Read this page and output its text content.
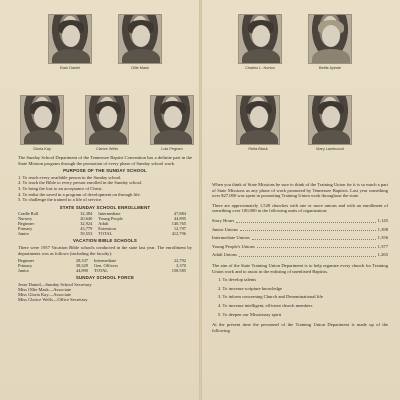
Ewin Daniel	Ollie Mask	Charles L. Norton	Bettie Ayeste
Gloria Kay	Clarice Wells	Lois Pegram	Reita Black	Mary Lambuood

The Sunday School Department of the Tennessee Baptist Convention has a definite part in the State Mission program through the promotion of every phase of Sunday school work.

PURPOSE OF THE SUNDAY SCHOOL
1. To reach every available person in the Sunday school.
2. To teach the Bible to every person enrolled in the Sunday school.
3. To bring the lost to an acceptance of Christ.
4. To enlist the saved in a program of development on through life.
5. To challenge the trained to a life of service.
STATE SUNDAY SCHOOL ENROLLMENT
Cradle Roll	32,384	Intermediate	47,884
Nursery	20,640	Young People	44,895
Beginner	32,924	Adult	140,765
Primary	43,779	Extension	12,797
Junior	39,553	TOTAL	412,796
VACATION BIBLE SCHOOLS

There were 1957 Vacation Bible schools conducted in the state last year. The enrollment by departments was as follows (including the faculty):

Beginner	28,337	Intermediate	22,792
Primary	38,329	Gen. Officers	3,370
Junior	44,890	TOTAL	158,585
SUNDAY SCHOOL FORCE
Jesse Daniel—Sunday School Secretary
Miss Ollie Mask—Associate
Miss Gloria Kay—Associate
Miss Clarice Wells—Office Secretary

When you think of State Missions be sure to think of the Training Union for it is so much a part of State Missions as any phase of work promoted by Tennessee Baptists. Last year something over $27,000 was spent in promoting Training Union work throughout the state.

There are approximately 1,528 churches with one or more unions and with an enrollment of something over 100,000 in the following units of organization:

Story Hours	1,145
Junior Unions	1,398
Intermediate Unions	1,356
Young People's Unions	1,377
Adult Unions	1,265

The aim of the State Training Union Department is to help organize every church for Training Union work and to assist in the enlisting of unenlisted Baptists.

1. To develop talents
2. To increase scripture knowledge
3. To inform concerning Church and Denominational life
4. To increase intelligent, efficient church members
5. To deepen our Missionary spirit

At the present time the personnel of the Training Union Department is made up of the following
